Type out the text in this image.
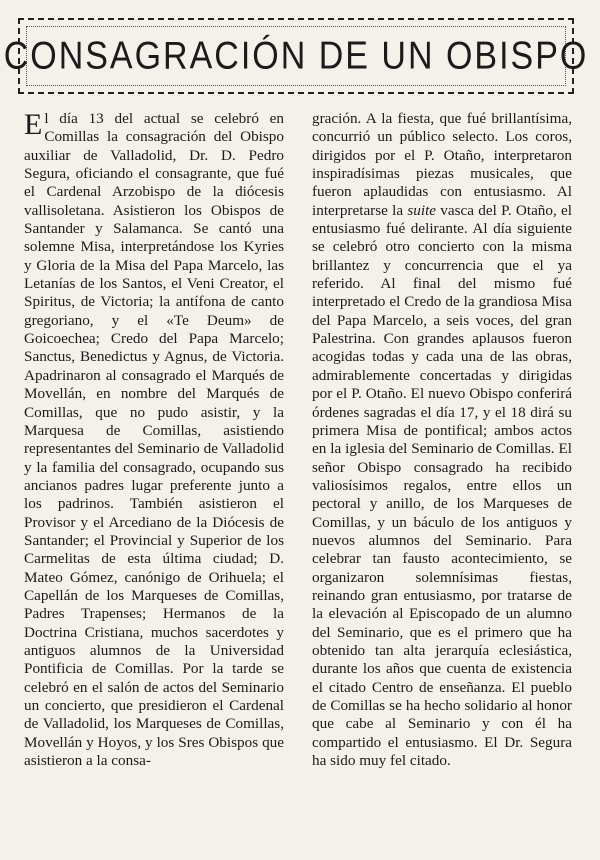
CONSAGRACIÓN DE UN OBISPO

El día 13 del actual se celebró en Comillas la consagración del Obispo auxiliar de Valladolid, Dr. D. Pedro Segura, oficiando el consagrante, que fué el Cardenal Arzobispo de la diócesis vallisoletana. Asistieron los Obispos de Santander y Salamanca. Se cantó una solemne Misa, interpretándose los Kyries y Gloria de la Misa del Papa Marcelo, las Letanías de los Santos, el Veni Creator, el Spiritus, de Victoria; la antífona de canto gregoriano, y el «Te Deum» de Goicoechea; Credo del Papa Marcelo; Sanctus, Benedictus y Agnus, de Victoria. Apadrinaron al consagrado el Marqués de Movellán, en nombre del Marqués de Comillas, que no pudo asistir, y la Marquesa de Comillas, asistiendo representantes del Seminario de Valladolid y la familia del consagrado, ocupando sus ancianos padres lugar preferente junto a los padrinos. También asistieron el Provisor y el Arcediano de la Diócesis de Santander; el Provincial y Superior de los Carmelitas de esta última ciudad; D. Mateo Gómez, canónigo de Orihuela; el Capellán de los Marqueses de Comillas, Padres Trapenses; Hermanos de la Doctrina Cristiana, muchos sacerdotes y antiguos alumnos de la Universidad Pontificia de Comillas. Por la tarde se celebró en el salón de actos del Seminario un concierto, que presidieron el Cardenal de Valladolid, los Marqueses de Comillas, Movellán y Hoyos, y los Sres Obispos que asistieron a la consa-

gración. A la fiesta, que fué brillantísima, concurrió un público selecto. Los coros, dirigidos por el P. Otaño, interpretaron inspiradísimas piezas musicales, que fueron aplaudidas con entusiasmo. Al interpretarse la suite vasca del P. Otaño, el entusiasmo fué delirante. Al día siguiente se celebró otro concierto con la misma brillantez y concurrencia que el ya referido. Al final del mismo fué interpretado el Credo de la grandiosa Misa del Papa Marcelo, a seis voces, del gran Palestrina. Con grandes aplausos fueron acogidas todas y cada una de las obras, admirablemente concertadas y dirigidas por el P. Otaño. El nuevo Obispo conferirá órdenes sagradas el día 17, y el 18 dirá su primera Misa de pontifical; ambos actos en la iglesia del Seminario de Comillas. El señor Obispo consagrado ha recibido valiosísimos regalos, entre ellos un pectoral y anillo, de los Marqueses de Comillas, y un báculo de los antiguos y nuevos alumnos del Seminario. Para celebrar tan fausto acontecimiento, se organizaron solemnísimas fiestas, reinando gran entusiasmo, por tratarse de la elevación al Episcopado de un alumno del Seminario, que es el primero que ha obtenido tan alta jerarquía eclesiástica, durante los años que cuenta de existencia el citado Centro de enseñanza. El pueblo de Comillas se ha hecho solidario al honor que cabe al Seminario y con él ha compartido el entusiasmo. El Dr. Segura ha sido muy fel citado.
